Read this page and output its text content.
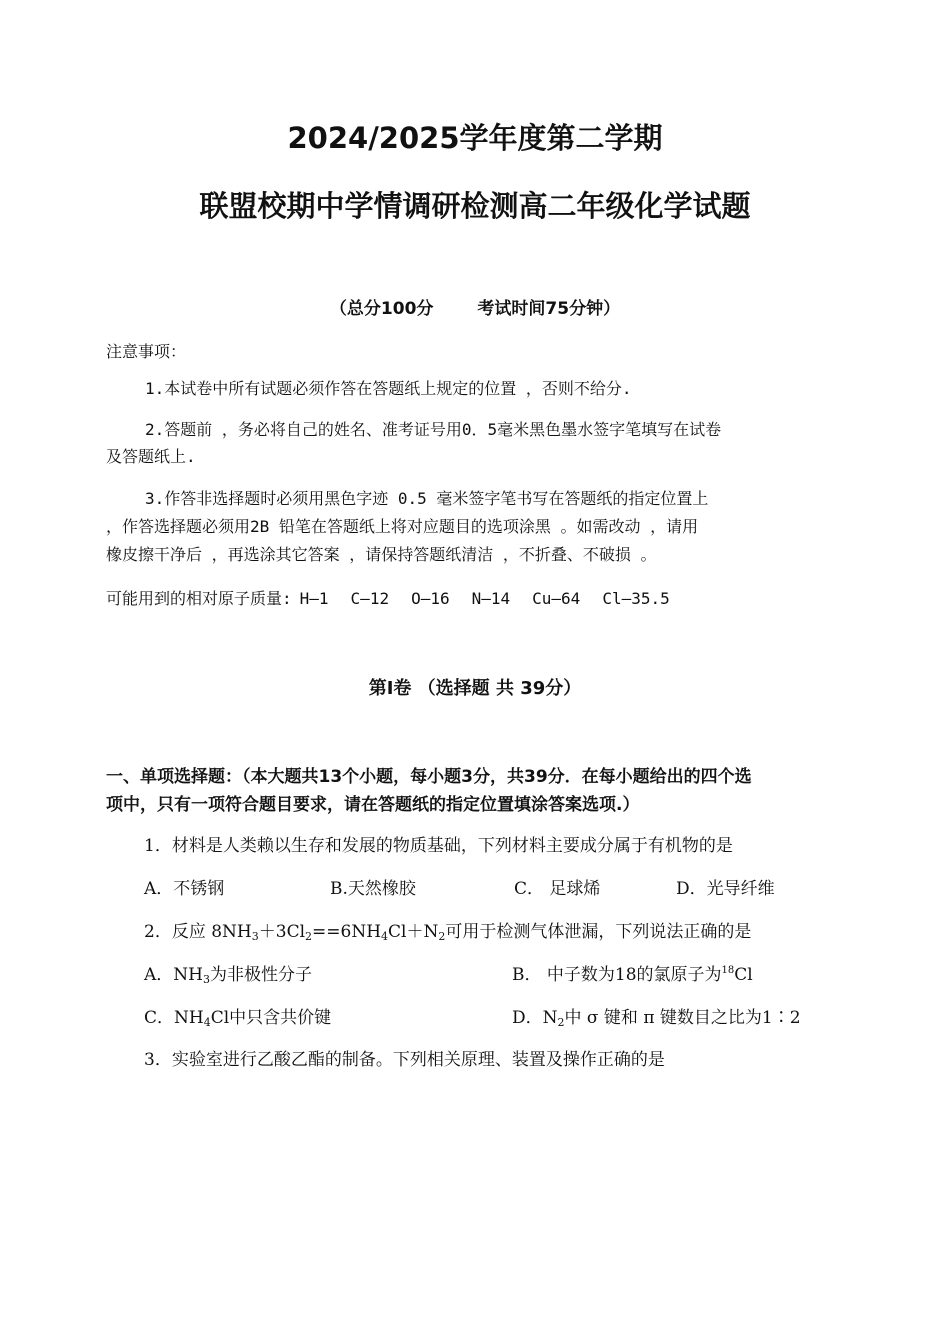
2024/2025学年度第二学期
联盟校期中学情调研检测高二年级化学试题
（总分100分	考试时间75分钟）
注意事项：
1.本试卷中所有试题必须作答在答题纸上规定的位置 ，否则不给分.
2.答题前 ，务必将自己的姓名、准考证号用0．5毫米黑色墨水签字笔填写在试卷
及答题纸上.
3.作答非选择题时必须用黑色字迹 0.5 毫米签字笔书写在答题纸的指定位置上
，作答选择题必须用2B 铅笔在答题纸上将对应题目的选项涂黑 。如需改动 ，请用
橡皮擦干净后 ，再选涂其它答案 ，请保持答题纸清洁 ，不折叠、不破损 。
可能用到的相对原子质量: H—1 C—12 O—16 N—14 Cu—64 Cl—35.5
第Ⅰ卷 （选择题 共 39分）
一、单项选择题：（本大题共13个小题，每小题3分，共39分．在每小题给出的四个选
项中，只有一项符合题目要求，请在答题纸的指定位置填涂答案选项.）
1．材料是人类赖以生存和发展的物质基础，下列材料主要成分属于有机物的是
A．不锈钢	B.天然橡胶	C． 足球烯	D．光导纤维
2．反应 $8NH_3+3Cl_2==6NH_4Cl+N_2$可用于检测气体泄漏，下列说法正确的是
A．$NH_3$为非极性分子	B． 中子数为18的氯原子为$^{18}$Cl
C．$NH_4Cl$中只含共价键	D．$N_2$中 σ 键和 π 键数目之比为1∶2
3．实验室进行乙酸乙酯的制备。下列相关原理、装置及操作正确的是
